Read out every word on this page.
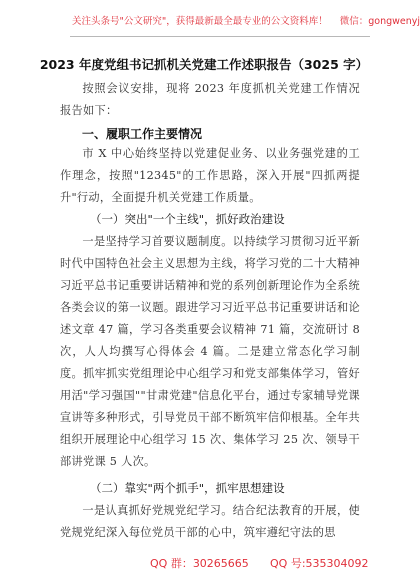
关注头条号"公文研究"，获得最新最全最专业的公文资料库！ 微信：gongwenyj
2023 年度党组书记抓机关党建工作述职报告（3025 字）
按照会议安排，现将 2023 年度抓机关党建工作情况报告如下：
一、履职工作主要情况
市 X 中心始终坚持以党建促业务、以业务强党建的工作理念，按照"12345"的工作思路，深入开展"四抓两提升"行动，全面提升机关党建工作质量。
（一）突出"一个主线"，抓好政治建设
一是坚持学习首要议题制度。以持续学习贯彻习近平新时代中国特色社会主义思想为主线，将学习党的二十大精神习近平总书记重要讲话精神和党的系列创新理论作为全系统各类会议的第一议题。跟进学习习近平总书记重要讲话和论述文章 47 篇，学习各类重要会议精神 71 篇，交流研讨 8 次，人人均撰写心得体会 4 篇。二是建立常态化学习制度。抓牢抓实党组理论中心组学习和党支部集体学习，管好用活"学习强国""甘肃党建"信息化平台，通过专家辅导党课宣讲等多种形式，引导党员干部不断筑牢信仰根基。全年共组织开展理论中心组学习 15 次、集体学习 25 次、领导干部讲党课 5 人次。
（二）靠实"两个抓手"，抓牢思想建设
一是认真抓好党规党纪学习。结合纪法教育的开展，使党规党纪深入每位党员干部的心中，筑牢遵纪守法的思
QQ 群：30265665 QQ 号:535304092
